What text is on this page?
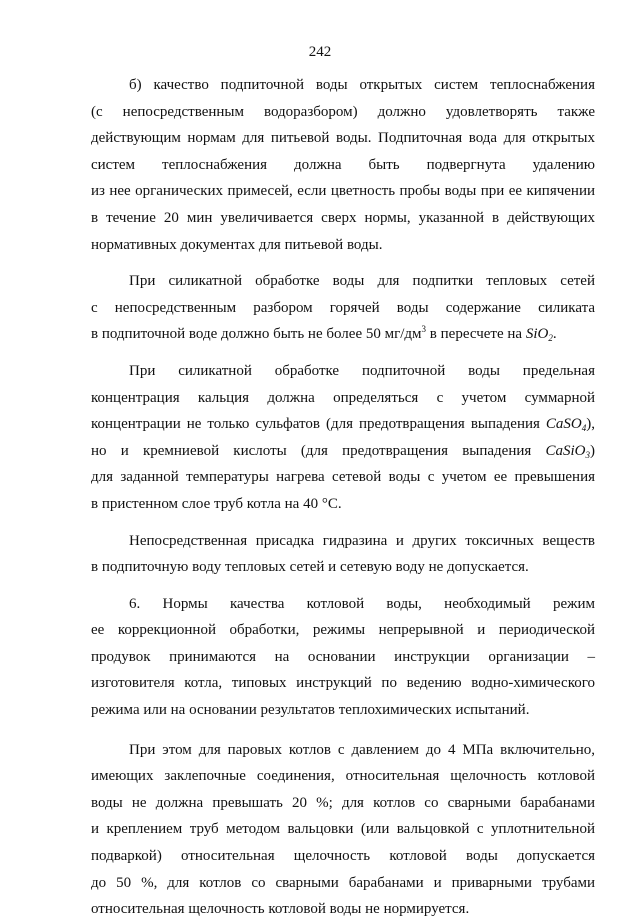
242
б) качество подпиточной воды открытых систем теплоснабжения
(с непосредственным водоразбором) должно удовлетворять также
действующим нормам для питьевой воды. Подпиточная вода для открытых
систем теплоснабжения должна быть подвергнута удалению
из нее органических примесей, если цветность пробы воды при ее кипячении
в течение 20 мин увеличивается сверх нормы, указанной в действующих
нормативных документах для питьевой воды.
При силикатной обработке воды для подпитки тепловых сетей
с непосредственным разбором горячей воды содержание силиката
в подпиточной воде должно быть не более 50 $мг/дм^3$ в пересчете на SiO$_2$.
При силикатной обработке подпиточной воды предельная
концентрация кальция должна определяться с учетом суммарной
концентрации не только сульфатов (для предотвращения выпадения CaSO$_4$),
но и кремниевой кислоты (для предотвращения выпадения CaSiO$_3$)
для заданной температуры нагрева сетевой воды с учетом ее превышения
в пристенном слое труб котла на 40 °С.
Непосредственная присадка гидразина и других токсичных веществ
в подпиточную воду тепловых сетей и сетевую воду не допускается.
6. Нормы качества котловой воды, необходимый режим
ее коррекционной обработки, режимы непрерывной и периодической
продувок принимаются на основании инструкции организации –
изготовителя котла, типовых инструкций по ведению водно-химического
режима или на основании результатов теплохимических испытаний.
При этом для паровых котлов с давлением до 4 МПа включительно,
имеющих заклепочные соединения, относительная щелочность котловой
воды не должна превышать 20 %; для котлов со сварными барабанами
и креплением труб методом вальцовки (или вальцовкой с уплотнительной
подваркой) относительная щелочность котловой воды допускается
до 50 %, для котлов со сварными барабанами и приварными трубами
относительная щелочность котловой воды не нормируется.
